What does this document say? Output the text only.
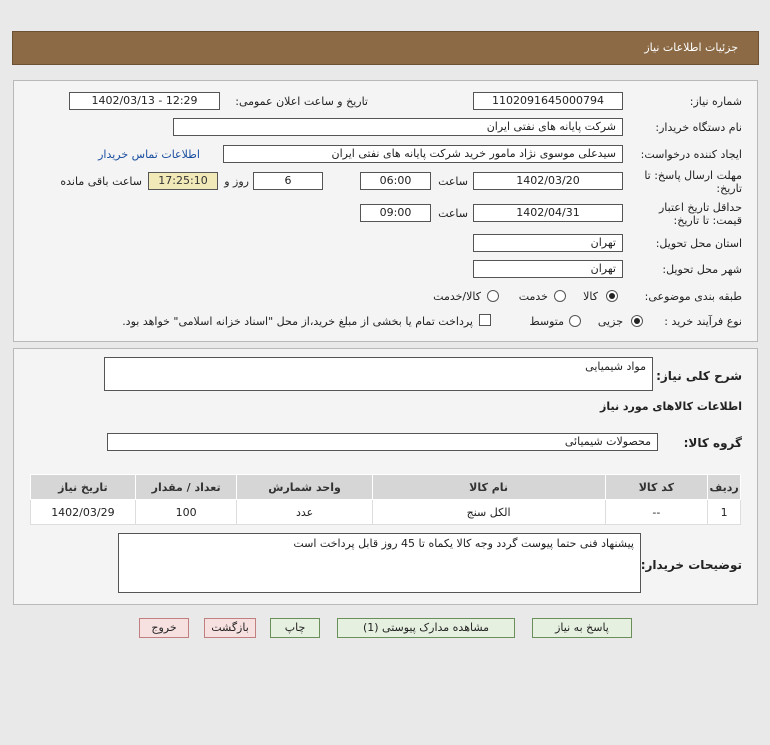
جزئیات اطلاعات نیاز
شماره نیاز:
1102091645000794
تاریخ و ساعت اعلان عمومی:
1402/03/13 - 12:29
نام دستگاه خریدار:
شرکت پایانه های نفتی ایران
ایجاد کننده درخواست:
سیدعلی موسوی نژاد مامور خرید شرکت پایانه های نفتی ایران
اطلاعات تماس خریدار
مهلت ارسال پاسخ: تا
تاریخ:
1402/03/20
ساعت
06:00
6
روز و
17:25:10
ساعت باقی مانده
حداقل تاریخ اعتبار
قیمت: تا تاریخ:
1402/04/31
ساعت
09:00
استان محل تحویل:
تهران
شهر محل تحویل:
تهران
طبقه بندی موضوعی:
کالا
خدمت
کالا/خدمت
نوع فرآیند خرید :
جزیی
متوسط
پرداخت تمام یا بخشی از مبلغ خرید،از محل "اسناد خزانه اسلامی" خواهد بود.
شرح کلی نیاز:
مواد شیمیایی
اطلاعات کالاهای مورد نیاز
گروه کالا:
محصولات شیمیائی
ردیف	کد کالا	نام کالا	واحد شمارش	تعداد / مقدار	تاریخ نیاز
1	--	الکل سنج	عدد	100	1402/03/29
توضیحات خریدار:
پیشنهاد فنی حتما پیوست گردد وجه کالا یکماه تا 45 روز قابل پرداخت است
پاسخ به نیاز
مشاهده مدارک پیوستی (1)
چاپ
بازگشت
خروج
